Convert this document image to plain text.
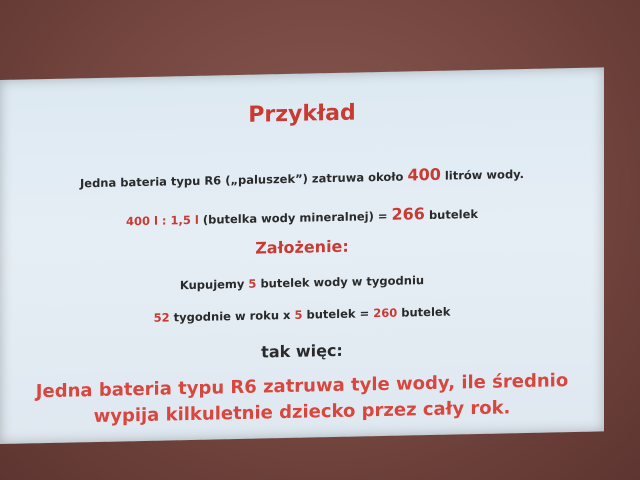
Przykład
Jedna bateria typu R6 („paluszek”) zatruwa około 400 litrów wody.
400 l : 1,5 l (butelka wody mineralnej) = 266 butelek
Założenie:
Kupujemy 5 butelek wody w tygodniu
52 tygodnie w roku x 5 butelek = 260 butelek
tak więc:
Jedna bateria typu R6 zatruwa tyle wody, ile średnio
wypija kilkuletnie dziecko przez cały rok.
